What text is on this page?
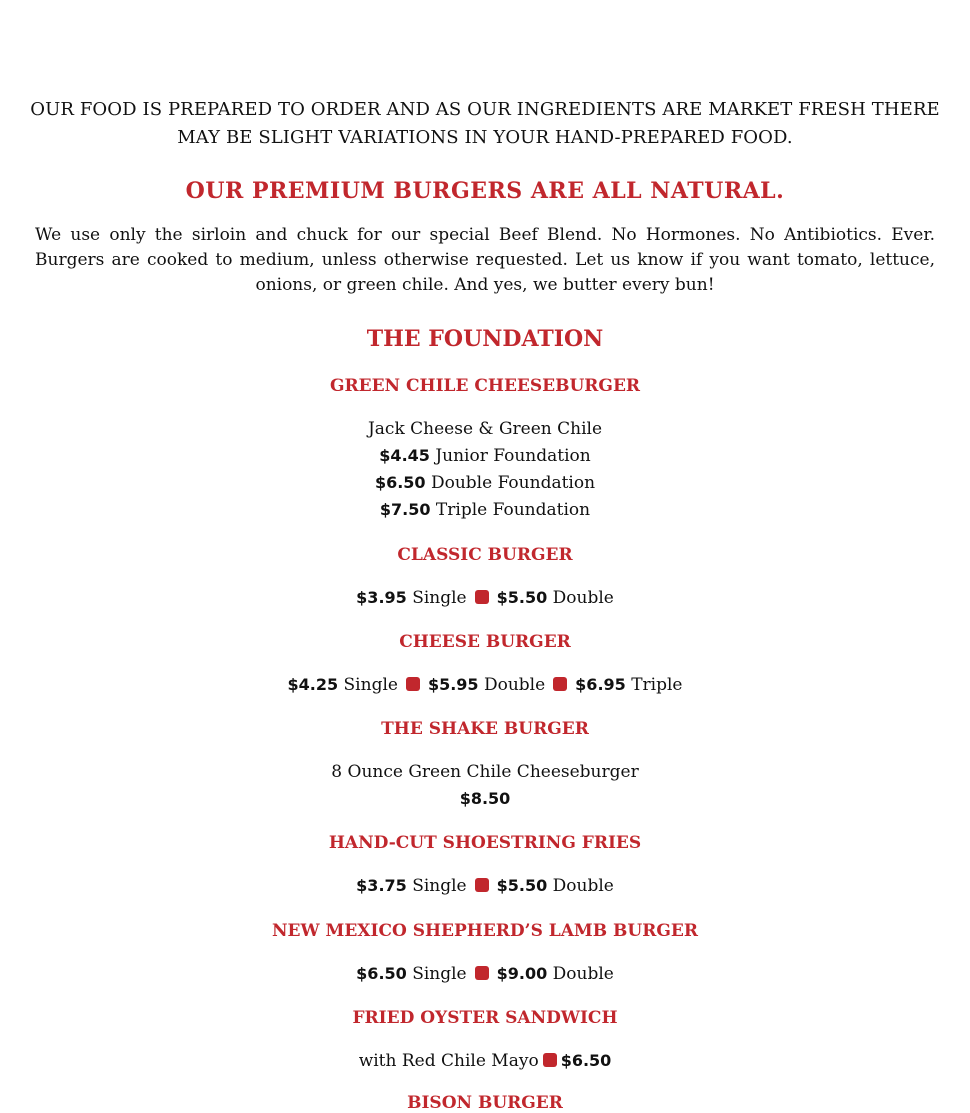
OUR FOOD IS PREPARED TO ORDER AND AS OUR INGREDIENTS ARE MARKET FRESH THERE MAY BE SLIGHT VARIATIONS IN YOUR HAND-PREPARED FOOD.
OUR PREMIUM BURGERS ARE ALL NATURAL.
We use only the sirloin and chuck for our special Beef Blend. No Hormones. No Antibiotics. Ever. Burgers are cooked to medium, unless otherwise requested. Let us know if you want tomato, lettuce, onions, or green chile. And yes, we butter every bun!
THE FOUNDATION
GREEN CHILE CHEESEBURGER
Jack Cheese & Green Chile
$4.45 Junior Foundation
$6.50 Double Foundation
$7.50 Triple Foundation
CLASSIC BURGER
$3.95 Single $5.50 Double
CHEESE BURGER
$4.25 Single $5.95 Double $6.95 Triple
THE SHAKE BURGER
8 Ounce Green Chile Cheeseburger
$8.50
HAND-CUT SHOESTRING FRIES
$3.75 Single $5.50 Double
NEW MEXICO SHEPHERD’S LAMB BURGER
$6.50 Single $9.00 Double
FRIED OYSTER SANDWICH
with Red Chile Mayo $6.50
BISON BURGER
